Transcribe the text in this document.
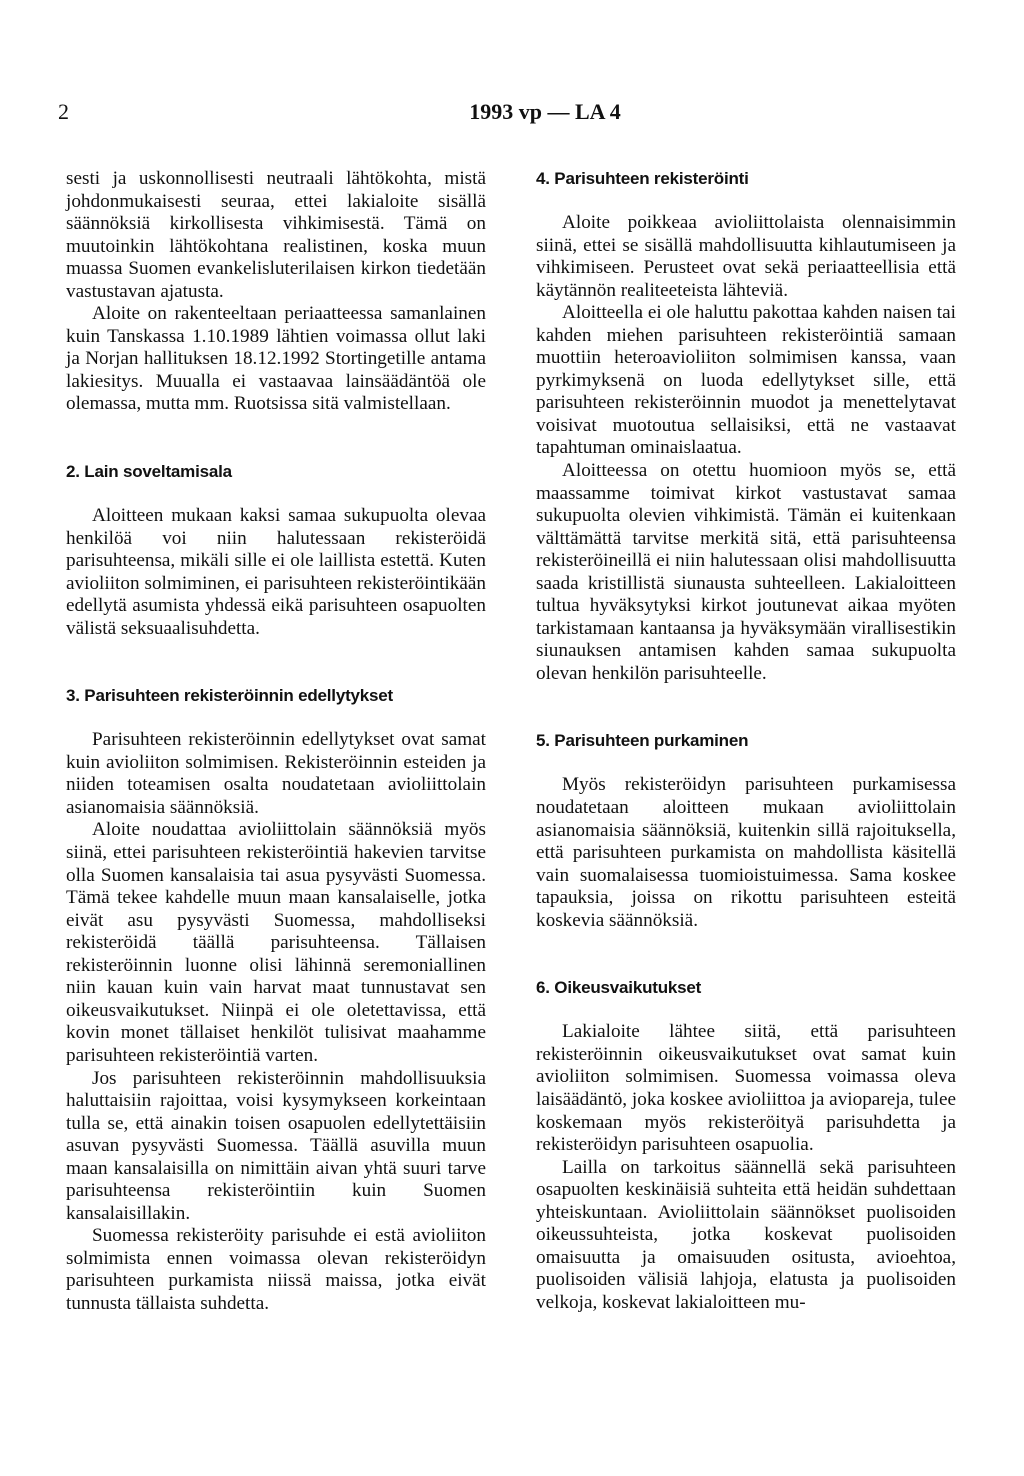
2	1993 vp — LA 4

sesti ja uskonnollisesti neutraali lähtökohta, mistä johdonmukaisesti seuraa, ettei lakialoite sisällä säännöksiä kirkollisesta vihkimisestä. Tämä on muutoinkin lähtökohtana realistinen, koska muun muassa Suomen evankelisluterilaisen kirkon tiedetään vastustavan ajatusta.

Aloite on rakenteeltaan periaatteessa samanlainen kuin Tanskassa 1.10.1989 lähtien voimassa ollut laki ja Norjan hallituksen 18.12.1992 Stortingetille antama lakiesitys. Muualla ei vastaavaa lainsäädäntöä ole olemassa, mutta mm. Ruotsissa sitä valmistellaan.

2. Lain soveltamisala

Aloitteen mukaan kaksi samaa sukupuolta olevaa henkilöä voi niin halutessaan rekisteröidä parisuhteensa, mikäli sille ei ole laillista estettä. Kuten avioliiton solmiminen, ei parisuhteen rekisteröintikään edellytä asumista yhdessä eikä parisuhteen osapuolten välistä seksuaalisuhdetta.

3. Parisuhteen rekisteröinnin edellytykset

Parisuhteen rekisteröinnin edellytykset ovat samat kuin avioliiton solmimisen. Rekisteröinnin esteiden ja niiden toteamisen osalta noudatetaan avioliittolain asianomaisia säännöksiä.

Aloite noudattaa avioliittolain säännöksiä myös siinä, ettei parisuhteen rekisteröintiä hakevien tarvitse olla Suomen kansalaisia tai asua pysyvästi Suomessa. Tämä tekee kahdelle muun maan kansalaiselle, jotka eivät asu pysyvästi Suomessa, mahdolliseksi rekisteröidä täällä parisuhteensa. Tällaisen rekisteröinnin luonne olisi lähinnä seremoniallinen niin kauan kuin vain harvat maat tunnustavat sen oikeusvaikutukset. Niinpä ei ole oletettavissa, että kovin monet tällaiset henkilöt tulisivat maahamme parisuhteen rekisteröintiä varten.

Jos parisuhteen rekisteröinnin mahdollisuuksia haluttaisiin rajoittaa, voisi kysymykseen korkeintaan tulla se, että ainakin toisen osapuolen edellytettäisiin asuvan pysyvästi Suomessa. Täällä asuvilla muun maan kansalaisilla on nimittäin aivan yhtä suuri tarve parisuhteensa rekisteröintiin kuin Suomen kansalaisillakin.

Suomessa rekisteröity parisuhde ei estä avioliiton solmimista ennen voimassa olevan rekisteröidyn parisuhteen purkamista niissä maissa, jotka eivät tunnusta tällaista suhdetta.

4. Parisuhteen rekisteröinti

Aloite poikkeaa avioliittolaista olennaisimmin siinä, ettei se sisällä mahdollisuutta kihlautumiseen ja vihkimiseen. Perusteet ovat sekä periaatteellisia että käytännön realiteeteista lähteviä.

Aloitteella ei ole haluttu pakottaa kahden naisen tai kahden miehen parisuhteen rekisteröintiä samaan muottiin heteroavioliiton solmimisen kanssa, vaan pyrkimyksenä on luoda edellytykset sille, että parisuhteen rekisteröinnin muodot ja menettelytavat voisivat muotoutua sellaisiksi, että ne vastaavat tapahtuman ominaislaatua.

Aloitteessa on otettu huomioon myös se, että maassamme toimivat kirkot vastustavat samaa sukupuolta olevien vihkimistä. Tämän ei kuitenkaan välttämättä tarvitse merkitä sitä, että parisuhteensa rekisteröineillä ei niin halutessaan olisi mahdollisuutta saada kristillistä siunausta suhteelleen. Lakialoitteen tultua hyväksytyksi kirkot joutunevat aikaa myöten tarkistamaan kantaansa ja hyväksymään virallisestikin siunauksen antamisen kahden samaa sukupuolta olevan henkilön parisuhteelle.

5. Parisuhteen purkaminen

Myös rekisteröidyn parisuhteen purkamisessa noudatetaan aloitteen mukaan avioliittolain asianomaisia säännöksiä, kuitenkin sillä rajoituksella, että parisuhteen purkamista on mahdollista käsitellä vain suomalaisessa tuomioistuimessa. Sama koskee tapauksia, joissa on rikottu parisuhteen esteitä koskevia säännöksiä.

6. Oikeusvaikutukset

Lakialoite lähtee siitä, että parisuhteen rekisteröinnin oikeusvaikutukset ovat samat kuin avioliiton solmimisen. Suomessa voimassa oleva laisäädäntö, joka koskee avioliittoa ja aviopareja, tulee koskemaan myös rekisteröityä parisuhdetta ja rekisteröidyn parisuhteen osapuolia.

Lailla on tarkoitus säännellä sekä parisuhteen osapuolten keskinäisiä suhteita että heidän suhdettaan yhteiskuntaan. Avioliittolain säännökset puolisoiden oikeussuhteista, jotka koskevat puolisoiden omaisuutta ja omaisuuden ositusta, avioehtoa, puolisoiden välisiä lahjoja, elatusta ja puolisoiden velkoja, koskevat lakialoitteen mu-
